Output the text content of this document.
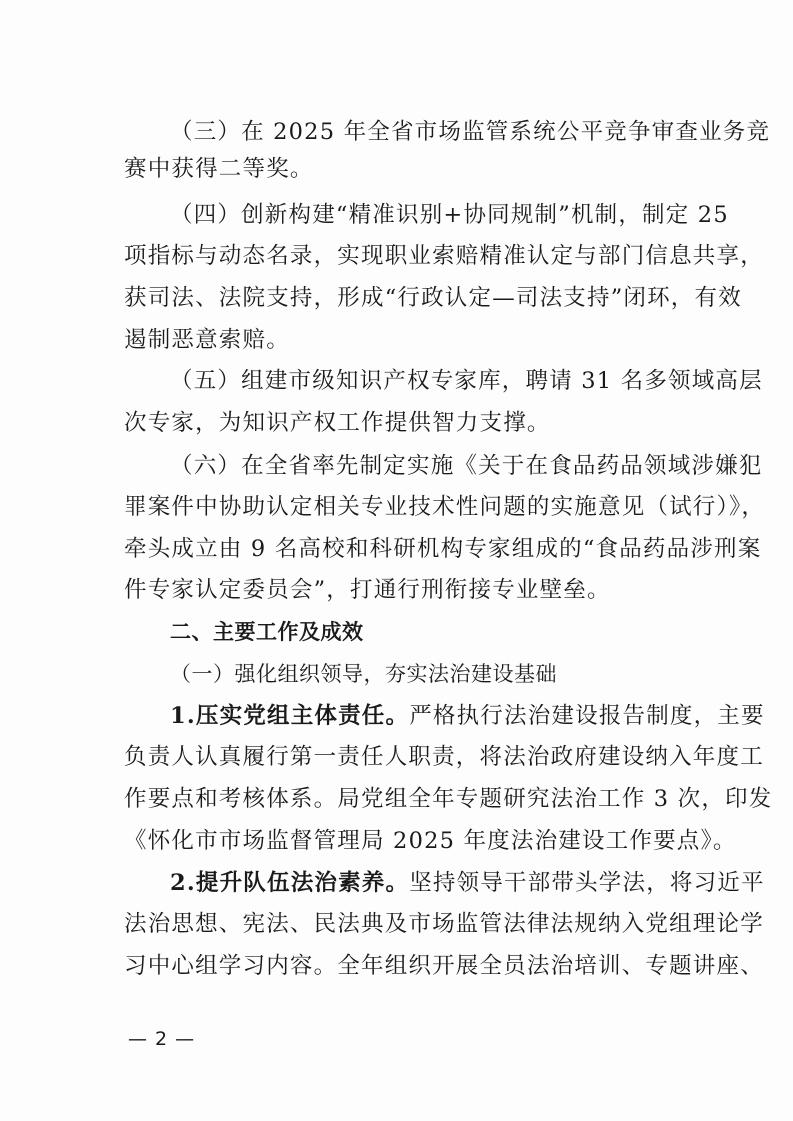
（三）在 2025 年全省市场监管系统公平竞争审查业务竞
赛中获得二等奖。
（四）创新构建“精准识别+协同规制”机制，制定 25
项指标与动态名录，实现职业索赔精准认定与部门信息共享，
获司法、法院支持，形成“行政认定—司法支持”闭环，有效
遏制恶意索赔。
（五）组建市级知识产权专家库，聘请 31 名多领域高层
次专家，为知识产权工作提供智力支撑。
（六）在全省率先制定实施《关于在食品药品领域涉嫌犯
罪案件中协助认定相关专业技术性问题的实施意见（试行）》，
牵头成立由 9 名高校和科研机构专家组成的“食品药品涉刑案
件专家认定委员会”，打通行刑衔接专业壁垒。
二、主要工作及成效
（一）强化组织领导，夯实法治建设基础
1.压实党组主体责任。严格执行法治建设报告制度，主要
负责人认真履行第一责任人职责，将法治政府建设纳入年度工
作要点和考核体系。局党组全年专题研究法治工作 3 次，印发
《怀化市市场监督管理局 2025 年度法治建设工作要点》。
2.提升队伍法治素养。坚持领导干部带头学法，将习近平
法治思想、宪法、民法典及市场监管法律法规纳入党组理论学
习中心组学习内容。全年组织开展全员法治培训、专题讲座、
— 2 —
